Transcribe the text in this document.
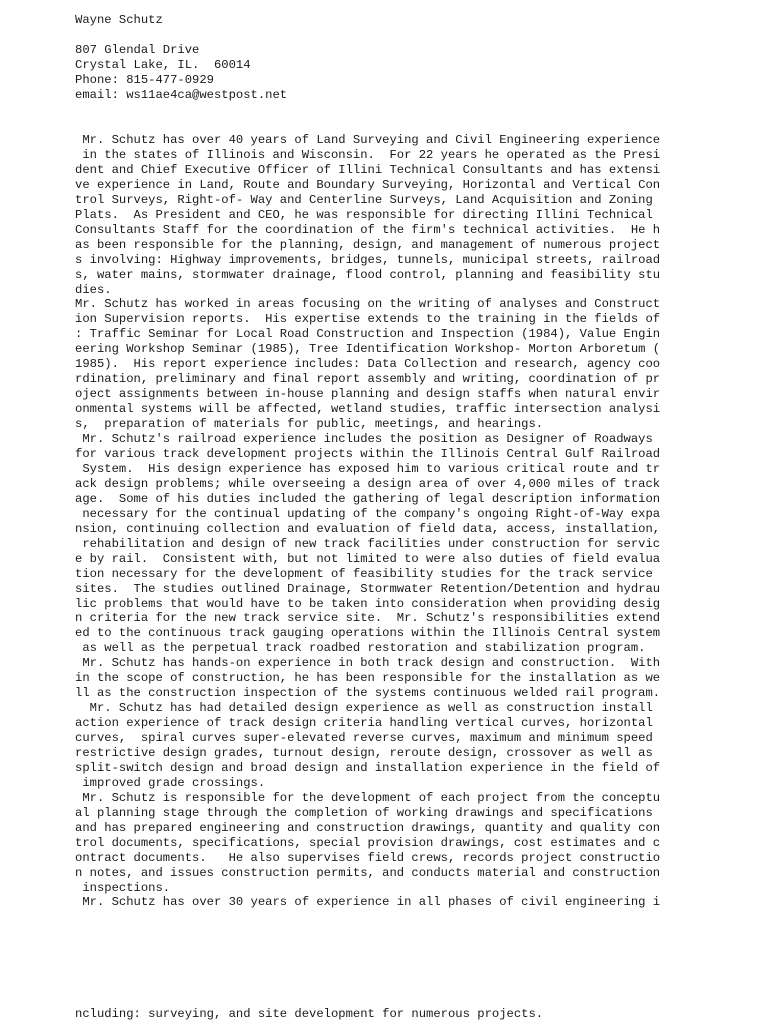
Wayne Schutz

807 Glendal Drive

Crystal Lake, IL.  60014

Phone: 815-477-0929

email: ws11ae4ca@westpost.net

Mr. Schutz has over 40 years of Land Surveying and Civil Engineering experience

in the states of Illinois and Wisconsin.  For 22 years he operated as the Presi

dent and Chief Executive Officer of Illini Technical Consultants and has extensi

ve experience in Land, Route and Boundary Surveying, Horizontal and Vertical Con

trol Surveys, Right-of- Way and Centerline Surveys, Land Acquisition and Zoning

Plats.  As President and CEO, he was responsible for directing Illini Technical

Consultants Staff for the coordination of the firm's technical activities.  He h

as been responsible for the planning, design, and management of numerous project

s involving: Highway improvements, bridges, tunnels, municipal streets, railroad

s, water mains, stormwater drainage, flood control, planning and feasibility stu

dies.

Mr. Schutz has worked in areas focusing on the writing of analyses and Construct

ion Supervision reports.  His expertise extends to the training in the fields of

: Traffic Seminar for Local Road Construction and Inspection (1984), Value Engin

eering Workshop Seminar (1985), Tree Identification Workshop- Morton Arboretum (

1985).  His report experience includes: Data Collection and research, agency coo

rdination, preliminary and final report assembly and writing, coordination of pr

oject assignments between in-house planning and design staffs when natural envir

onmental systems will be affected, wetland studies, traffic intersection analysi

s,  preparation of materials for public, meetings, and hearings.

Mr. Schutz's railroad experience includes the position as Designer of Roadways

for various track development projects within the Illinois Central Gulf Railroad

System.  His design experience has exposed him to various critical route and tr

ack design problems; while overseeing a design area of over 4,000 miles of track

age.  Some of his duties included the gathering of legal description information

necessary for the continual updating of the company's ongoing Right-of-Way expa

nsion, continuing collection and evaluation of field data, access, installation,

rehabilitation and design of new track facilities under construction for servic

e by rail.  Consistent with, but not limited to were also duties of field evalua

tion necessary for the development of feasibility studies for the track service

sites.  The studies outlined Drainage, Stormwater Retention/Detention and hydrau

lic problems that would have to be taken into consideration when providing desig

n criteria for the new track service site.  Mr. Schutz's responsibilities extend

ed to the continuous track gauging operations within the Illinois Central system

as well as the perpetual track roadbed restoration and stabilization program.

Mr. Schutz has hands-on experience in both track design and construction.  With

in the scope of construction, he has been responsible for the installation as we

ll as the construction inspection of the systems continuous welded rail program.

Mr. Schutz has had detailed design experience as well as construction install

action experience of track design criteria handling vertical curves, horizontal

curves,  spiral curves super-elevated reverse curves, maximum and minimum speed

restrictive design grades, turnout design, reroute design, crossover as well as

split-switch design and broad design and installation experience in the field of

improved grade crossings.

Mr. Schutz is responsible for the development of each project from the conceptu

al planning stage through the completion of working drawings and specifications

and has prepared engineering and construction drawings, quantity and quality con

trol documents, specifications, special provision drawings, cost estimates and c

ontract documents.   He also supervises field crews, records project constructio

n notes, and issues construction permits, and conducts material and construction

inspections.

Mr. Schutz has over 30 years of experience in all phases of civil engineering i

ncluding: surveying, and site development for numerous projects.
